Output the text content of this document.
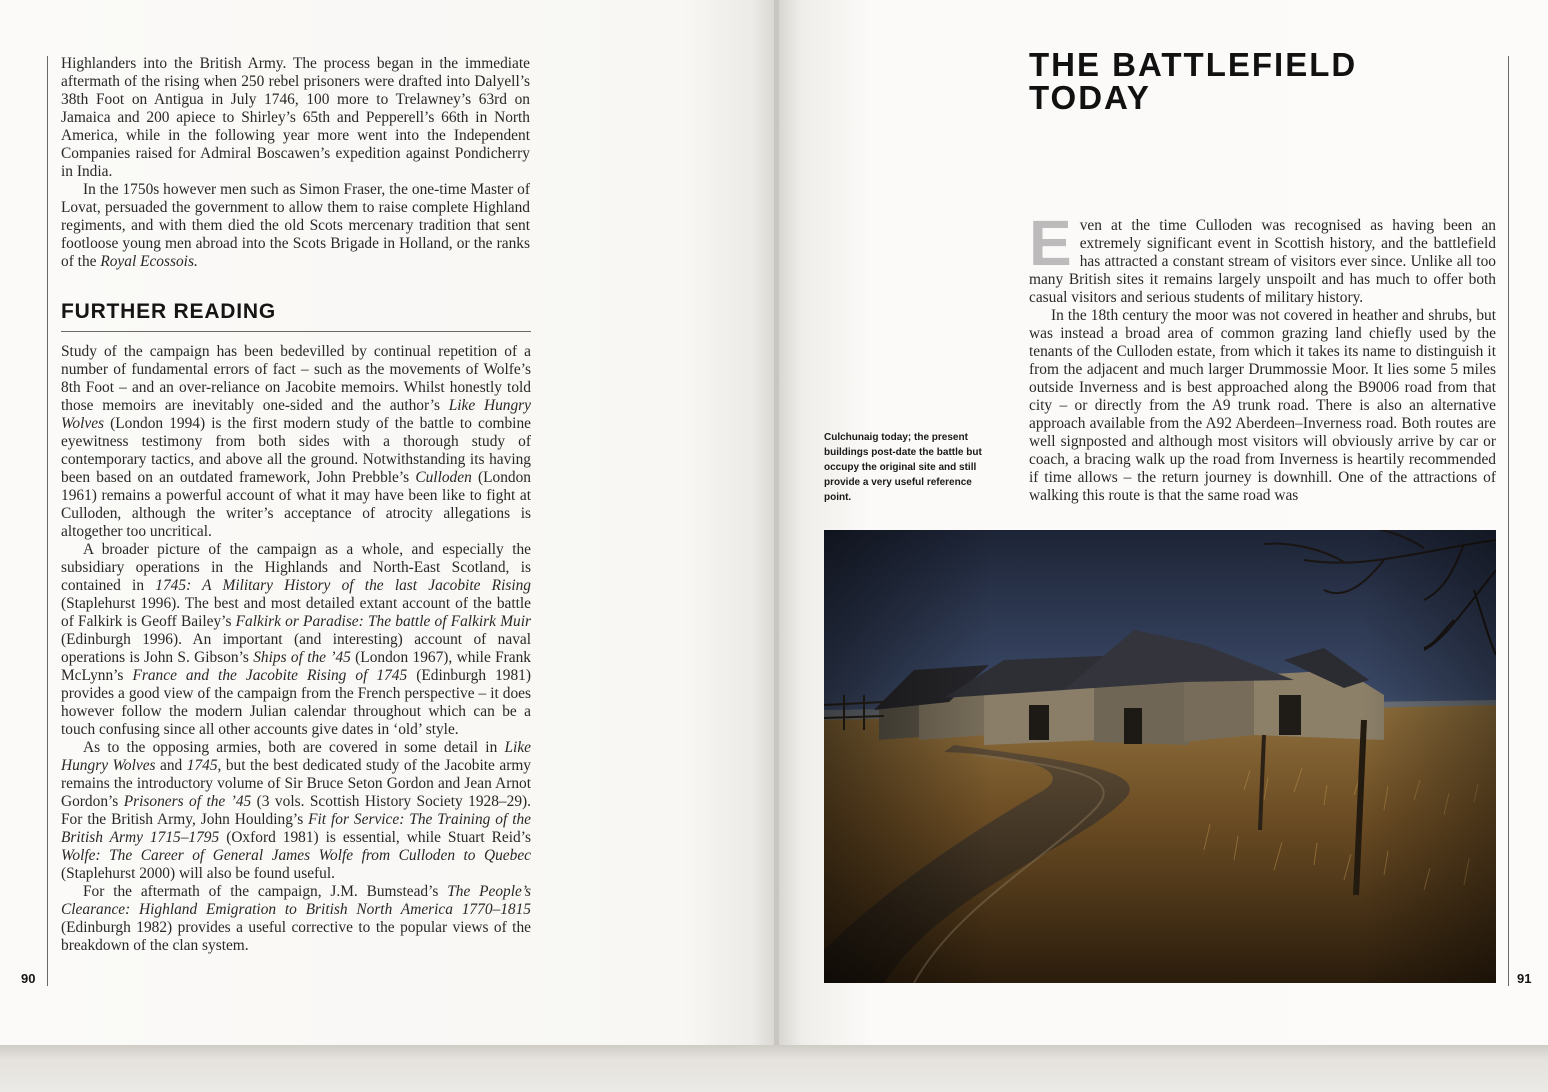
Highlanders into the British Army. The process began in the immediate aftermath of the rising when 250 rebel prisoners were drafted into Dalyell’s 38th Foot on Antigua in July 1746, 100 more to Trelawney’s 63rd on Jamaica and 200 apiece to Shirley’s 65th and Pepperell’s 66th in North America, while in the following year more went into the Independent Companies raised for Admiral Boscawen’s expedition against Pondicherry in India.

In the 1750s however men such as Simon Fraser, the one-time Master of Lovat, persuaded the government to allow them to raise complete Highland regiments, and with them died the old Scots mercenary tradition that sent footloose young men abroad into the Scots Brigade in Holland, or the ranks of the Royal Ecossois.

FURTHER READING

Study of the campaign has been bedevilled by continual repetition of a number of fundamental errors of fact – such as the movements of Wolfe’s 8th Foot – and an over-reliance on Jacobite memoirs. Whilst honestly told those memoirs are inevitably one-sided and the author’s Like Hungry Wolves (London 1994) is the first modern study of the battle to combine eyewitness testimony from both sides with a thorough study of contemporary tactics, and above all the ground. Notwithstanding its having been based on an outdated framework, John Prebble’s Culloden (London 1961) remains a powerful account of what it may have been like to fight at Culloden, although the writer’s acceptance of atrocity allegations is altogether too uncritical.

A broader picture of the campaign as a whole, and especially the subsidiary operations in the Highlands and North-East Scotland, is contained in 1745: A Military History of the last Jacobite Rising (Staplehurst 1996). The best and most detailed extant account of the battle of Falkirk is Geoff Bailey’s Falkirk or Paradise: The battle of Falkirk Muir (Edinburgh 1996). An important (and interesting) account of naval operations is John S. Gibson’s Ships of the ’45 (London 1967), while Frank McLynn’s France and the Jacobite Rising of 1745 (Edinburgh 1981) provides a good view of the campaign from the French perspective – it does however follow the modern Julian calendar throughout which can be a touch confusing since all other accounts give dates in ‘old’ style.

As to the opposing armies, both are covered in some detail in Like Hungry Wolves and 1745, but the best dedicated study of the Jacobite army remains the introductory volume of Sir Bruce Seton Gordon and Jean Arnot Gordon’s Prisoners of the ’45 (3 vols. Scottish History Society 1928–29). For the British Army, John Houlding’s Fit for Service: The Training of the British Army 1715–1795 (Oxford 1981) is essential, while Stuart Reid’s Wolfe: The Career of General James Wolfe from Culloden to Quebec (Staplehurst 2000) will also be found useful.

For the aftermath of the campaign, J.M. Bumstead’s The People’s Clearance: Highland Emigration to British North America 1770–1815 (Edinburgh 1982) provides a useful corrective to the popular views of the breakdown of the clan system.

90
THE BATTLEFIELD
TODAY

Even at the time Culloden was recognised as having been an extremely significant event in Scottish history, and the battlefield has attracted a constant stream of visitors ever since. Unlike all too many British sites it remains largely unspoilt and has much to offer both casual visitors and serious students of military history.

In the 18th century the moor was not covered in heather and shrubs, but was instead a broad area of common grazing land chiefly used by the tenants of the Culloden estate, from which it takes its name to distinguish it from the adjacent and much larger Drummossie Moor. It lies some 5 miles outside Inverness and is best approached along the B9006 road from that city – or directly from the A9 trunk road. There is also an alternative approach available from the A92 Aberdeen–Inverness road. Both routes are well signposted and although most visitors will obviously arrive by car or coach, a bracing walk up the road from Inverness is heartily recommended if time allows – the return journey is downhill. One of the attractions of walking this route is that the same road was

Culchunaig today; the present buildings post-date the battle but occupy the original site and still provide a very useful reference point.
91
